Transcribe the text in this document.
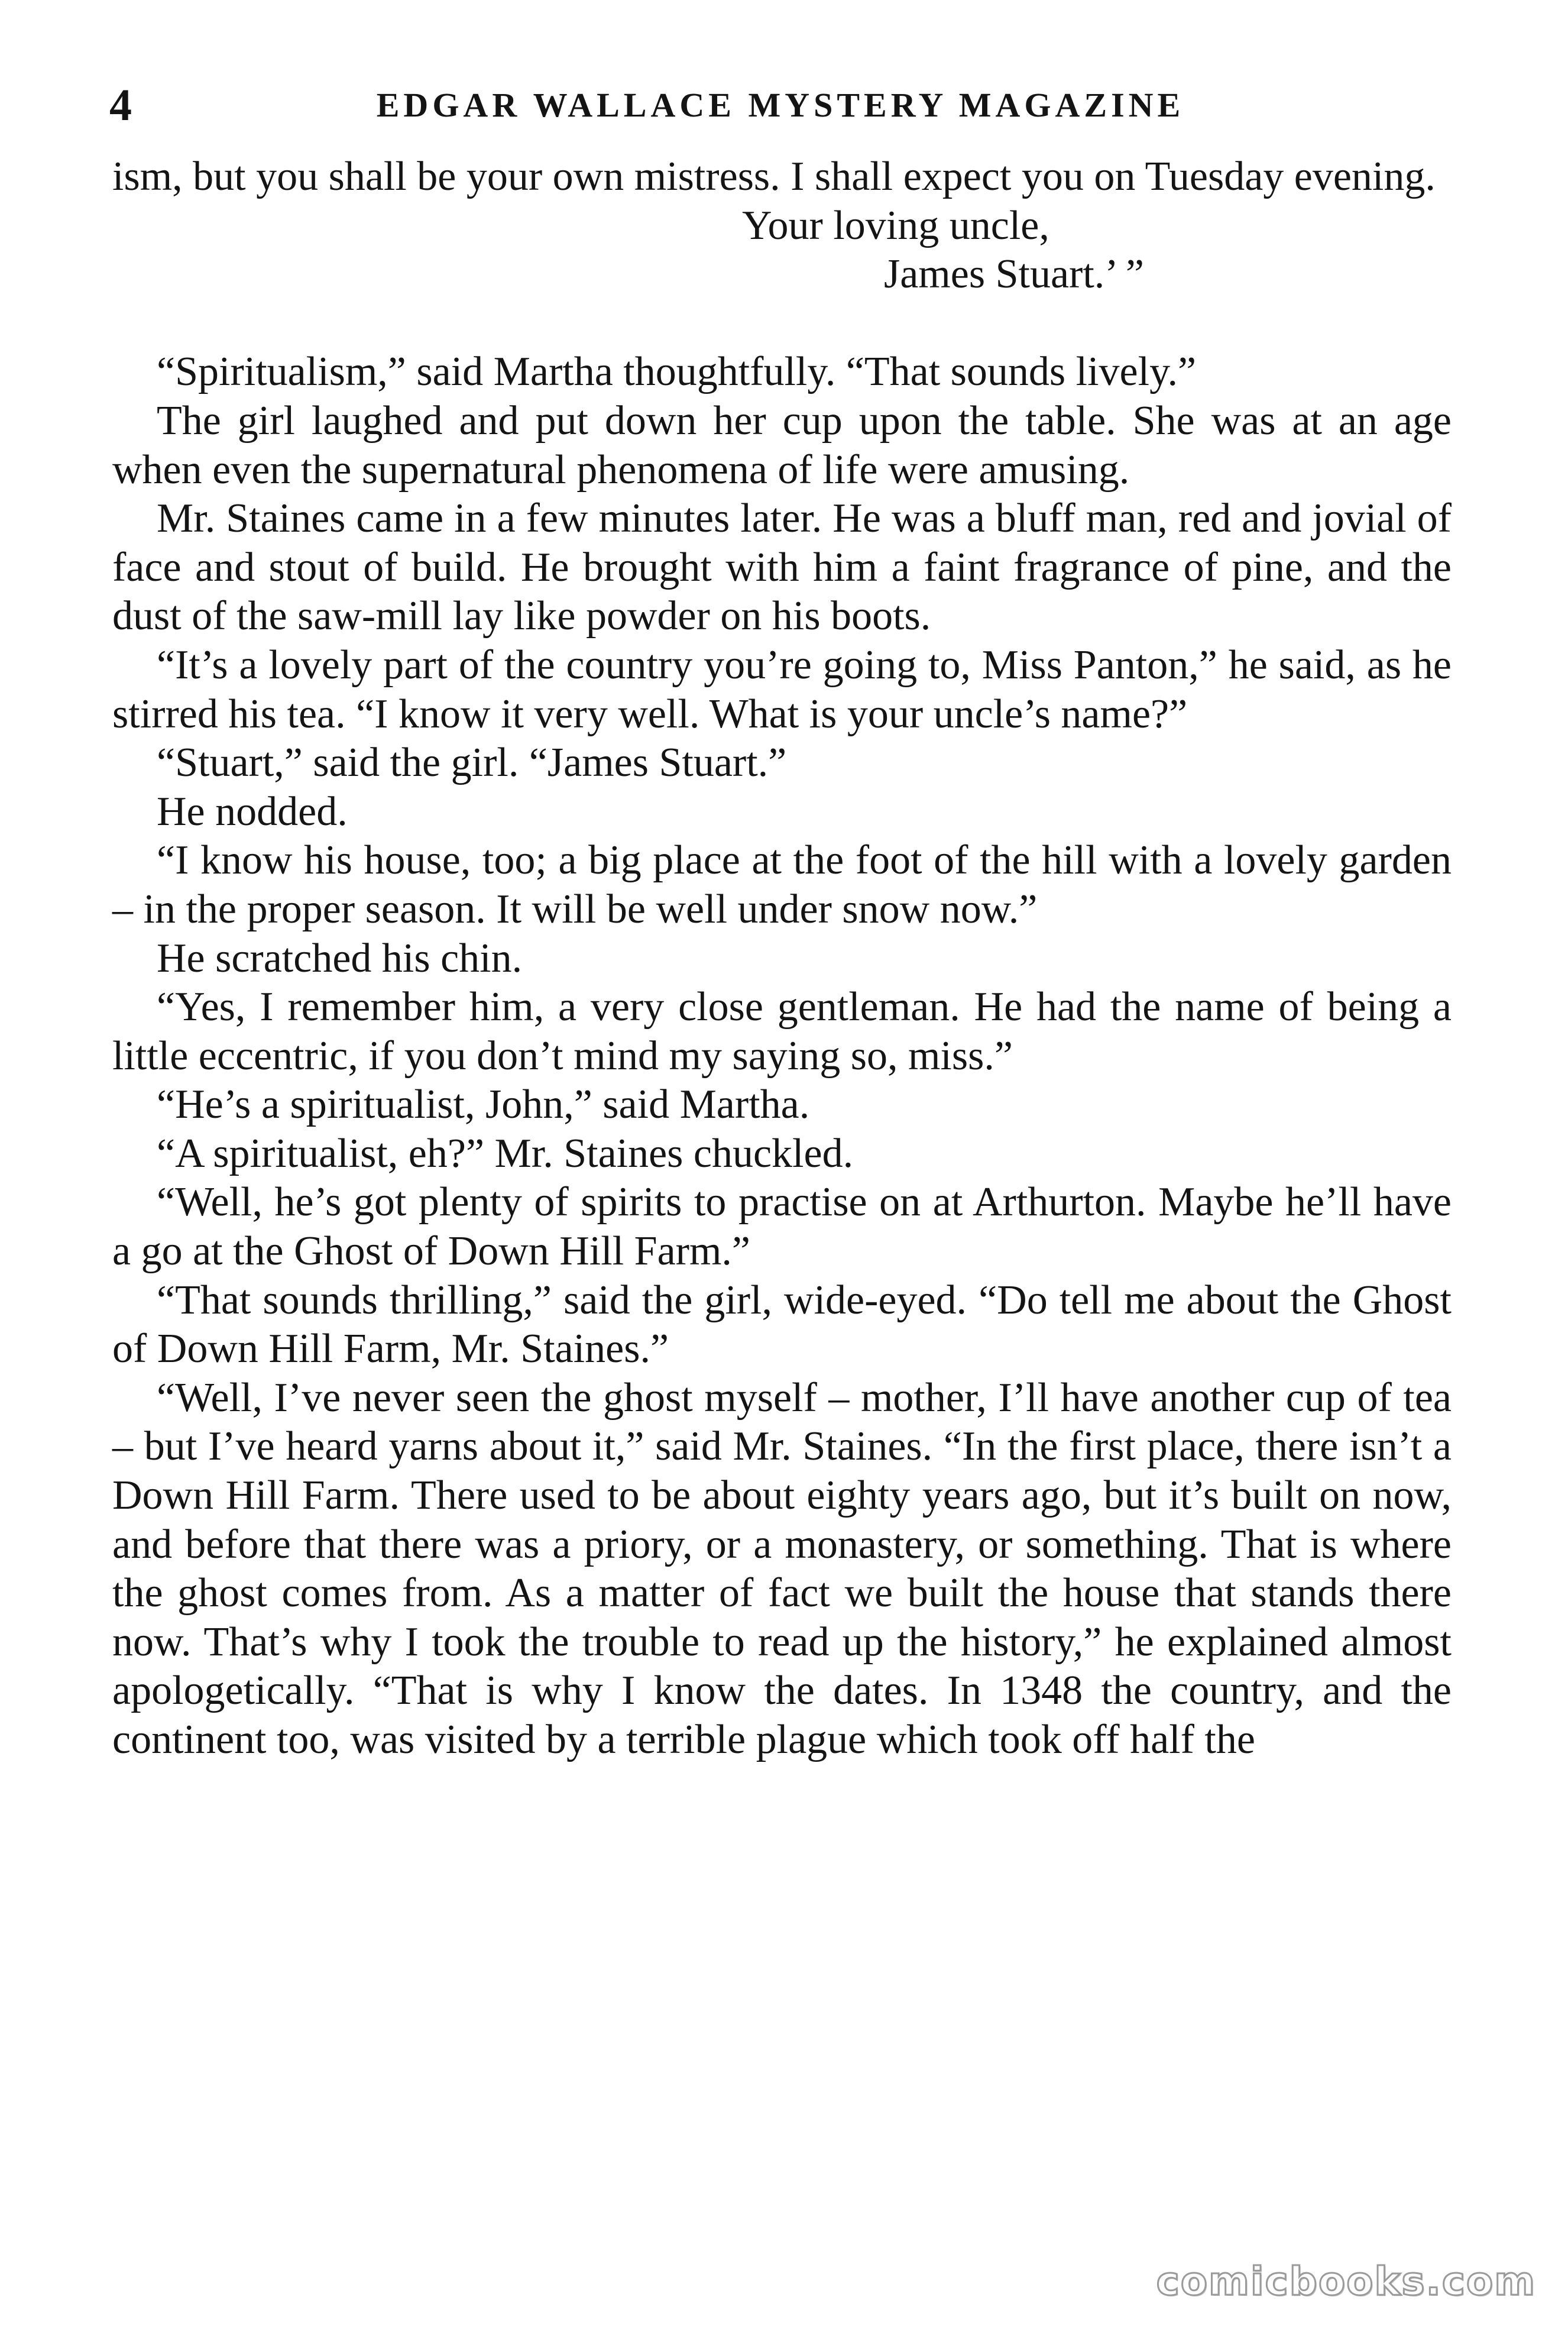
4	EDGAR WALLACE MYSTERY MAGAZINE

ism, but you shall be your own mistress. I shall expect you on Tuesday evening.

Your loving uncle,
James Stuart.’ ”

“Spiritualism,” said Martha thoughtfully. “That sounds lively.”

The girl laughed and put down her cup upon the table. She was at an age when even the supernatural phenomena of life were amusing.

Mr. Staines came in a few minutes later. He was a bluff man, red and jovial of face and stout of build. He brought with him a faint fragrance of pine, and the dust of the saw-mill lay like powder on his boots.

“It’s a lovely part of the country you’re going to, Miss Panton,” he said, as he stirred his tea. “I know it very well. What is your uncle’s name?”

“Stuart,” said the girl. “James Stuart.”

He nodded.

“I know his house, too; a big place at the foot of the hill with a lovely garden – in the proper season. It will be well under snow now.”

He scratched his chin.

“Yes, I remember him, a very close gentleman. He had the name of being a little eccentric, if you don’t mind my saying so, miss.”

“He’s a spiritualist, John,” said Martha.

“A spiritualist, eh?” Mr. Staines chuckled.

“Well, he’s got plenty of spirits to practise on at Arthurton. Maybe he’ll have a go at the Ghost of Down Hill Farm.”

“That sounds thrilling,” said the girl, wide-eyed. “Do tell me about the Ghost of Down Hill Farm, Mr. Staines.”

“Well, I’ve never seen the ghost myself – mother, I’ll have another cup of tea – but I’ve heard yarns about it,” said Mr. Staines. “In the first place, there isn’t a Down Hill Farm. There used to be about eighty years ago, but it’s built on now, and before that there was a priory, or a monastery, or something. That is where the ghost comes from. As a matter of fact we built the house that stands there now. That’s why I took the trouble to read up the history,” he explained almost apologetically. “That is why I know the dates. In 1348 the country, and the continent too, was visited by a terrible plague which took off half the

comicbooks.com
